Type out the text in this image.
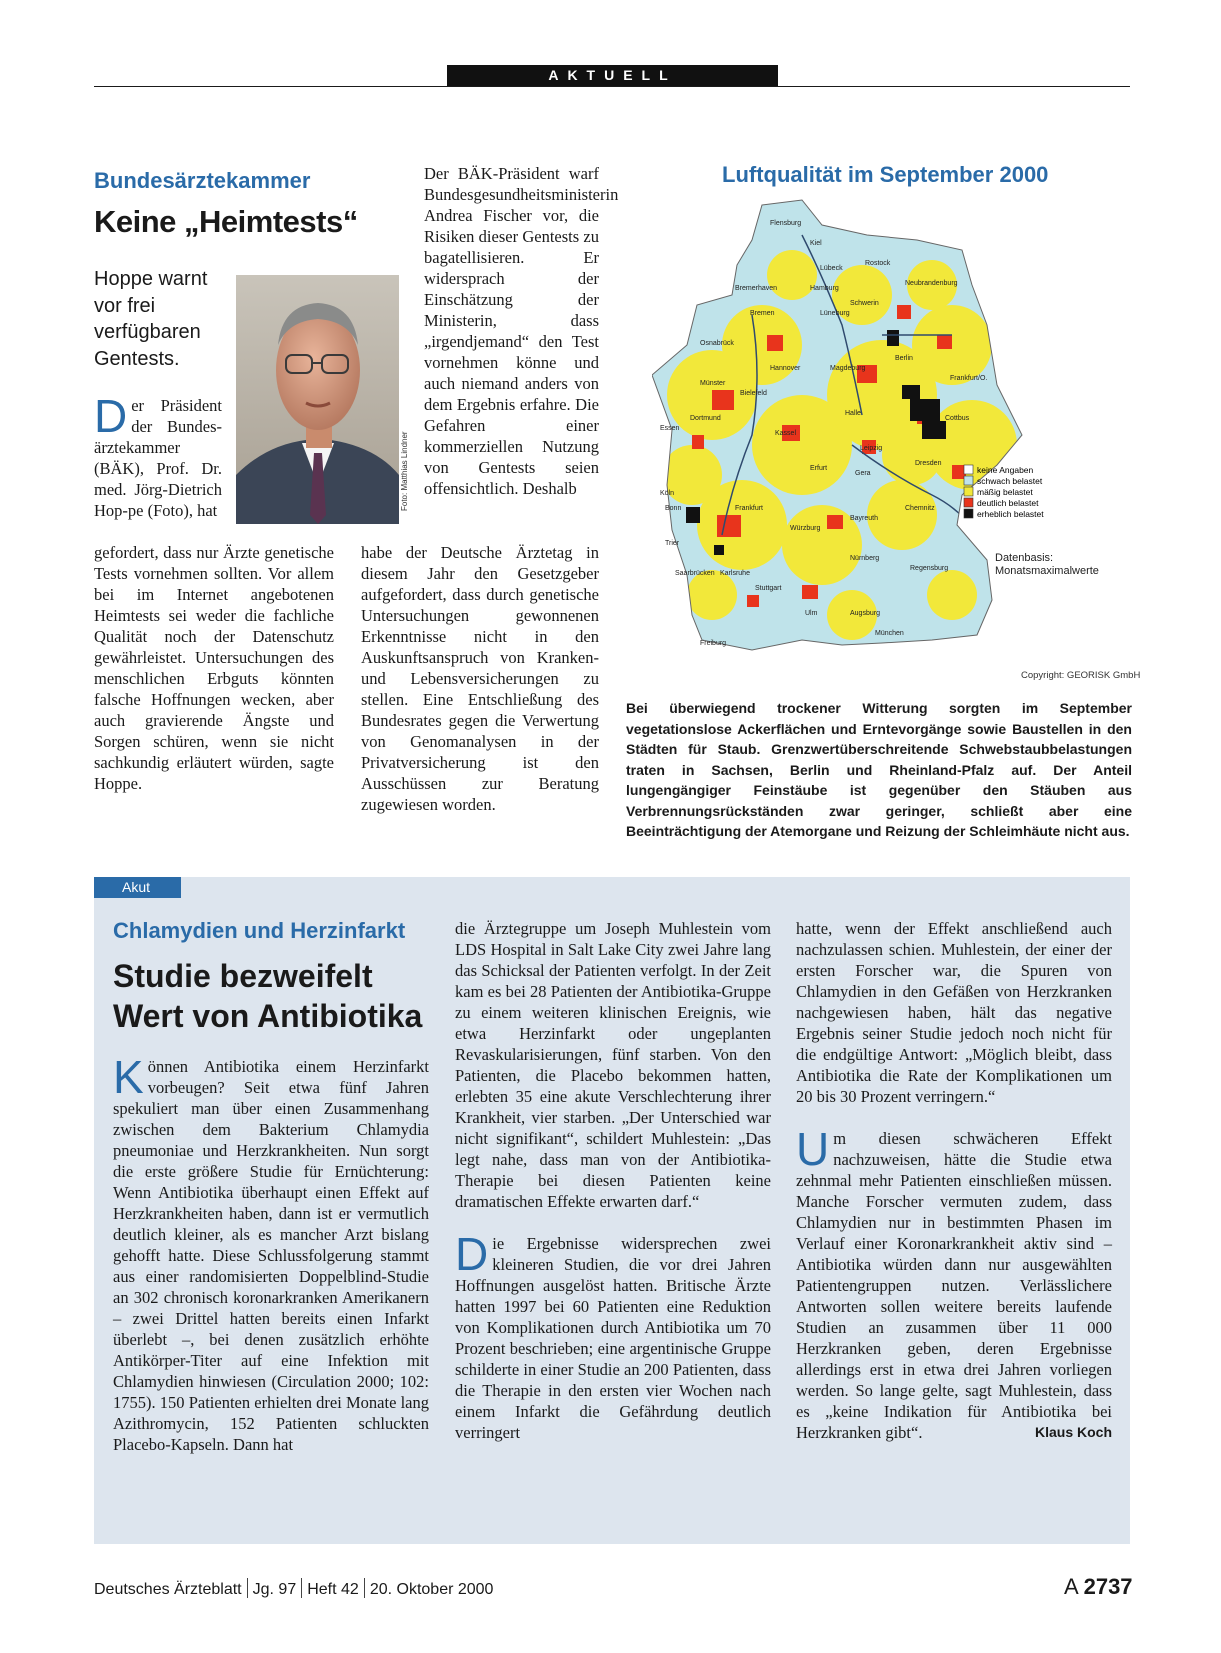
AKTUELL
Bundesärztekammer
Keine „Heimtests“
Hoppe warnt vor frei verfügbaren Gentests.
Foto: Matthias Lindner

Der Präsident der Bundes-ärztekammer (BÄK), Prof. Dr. med. Jörg-Dietrich Hop-pe (Foto), hat

gefordert, dass nur Ärzte genetische Tests vornehmen sollten. Vor allem bei im Internet angebotenen Heimtests sei weder die fachliche Qualität noch der Datenschutz gewährleistet. Untersuchungen des menschlichen Erbguts könnten falsche Hoffnungen wecken, aber auch gravierende Ängste und Sorgen schüren, wenn sie nicht sachkundig erläutert würden, sagte Hoppe.

Der BÄK-Präsident warf Bundesgesundheitsministerin Andrea Fischer vor, die Risiken dieser Gentests zu bagatellisieren. Er widersprach der Einschätzung der Ministerin, dass „irgendjemand“ den Test vornehmen könne und auch niemand anders von dem Ergebnis erfahre. Die Gefahren einer kommerziellen Nutzung von Gentests seien offensichtlich. Deshalb

habe der Deutsche Ärztetag in diesem Jahr den Gesetzgeber aufgefordert, dass durch genetische Untersuchungen gewonnenen Erkenntnisse nicht in den Auskunftsanspruch von Kranken- und Lebensversicherungen zu stellen. Eine Entschließung des Bundesrates gegen die Verwertung von Genomanalysen in der Privatversicherung ist den Ausschüssen zur Beratung zugewiesen worden.

Luftqualität im September 2000
keine Angaben
schwach belastet
mäßig belastet
deutlich belastet
erheblich belastet
Flensburg
Kiel
Rostock
Lübeck
Hamburg
Bremerhaven
Neubrandenburg
Bremen	Lüneburg
Schwerin
Osnabrück
Hannover	Magdeburg
Berlin
Frankfurt/O.
Münster
Bielefeld
Cottbus
Dortmund
Essen
Kassel
Halle
Leipzig
Dresden
Köln
Bonn
Erfurt
Gera
Chemnitz
Frankfurt
Würzburg
Bayreuth
Trier
Saarbrücken
Nürnberg
Regensburg
Stuttgart
Karlsruhe
Ulm	Augsburg
Freiburg
München
Datenbasis:
Monatsmaximalwerte
Copyright: GEORISK GmbH
Bei überwiegend trockener Witterung sorgten im September vegetationslose Ackerflächen und Erntevorgänge sowie Baustellen in den Städten für Staub. Grenzwertüberschreitende Schwebstaubbelastungen traten in Sachsen, Berlin und Rheinland-Pfalz auf. Der Anteil lungengängiger Feinstäube ist gegenüber den Stäuben aus Verbrennungsrückständen zwar geringer, schließt aber eine Beeinträchtigung der Atemorgane und Reizung der Schleimhäute nicht aus.
Akut
Chlamydien und Herzinfarkt
Studie bezweifelt
Wert von Antibiotika

Können Antibiotika einem Herzinfarkt vorbeugen? Seit etwa fünf Jahren spekuliert man über einen Zusammenhang zwischen dem Bakterium Chlamydia pneumoniae und Herzkrankheiten. Nun sorgt die erste größere Studie für Ernüchterung: Wenn Antibiotika überhaupt einen Effekt auf Herzkrankheiten haben, dann ist er vermutlich deutlich kleiner, als es mancher Arzt bislang gehofft hatte. Diese Schlussfolgerung stammt aus einer randomisierten Doppelblind-Studie an 302 chronisch koronarkranken Amerikanern – zwei Drittel hatten bereits einen Infarkt überlebt –, bei denen zusätzlich erhöhte Antikörper-Titer auf eine Infektion mit Chlamydien hinwiesen (Circulation 2000; 102: 1755). 150 Patienten erhielten drei Monate lang Azithromycin, 152 Patienten schluckten Placebo-Kapseln. Dann hat

die Ärztegruppe um Joseph Muhlestein vom LDS Hospital in Salt Lake City zwei Jahre lang das Schicksal der Patienten verfolgt. In der Zeit kam es bei 28 Patienten der Antibiotika-Gruppe zu einem weiteren klinischen Ereignis, wie etwa Herzinfarkt oder ungeplanten Revaskularisierungen, fünf starben. Von den Patienten, die Placebo bekommen hatten, erlebten 35 eine akute Verschlechterung ihrer Krankheit, vier starben. „Der Unterschied war nicht signifikant“, schildert Muhlestein: „Das legt nahe, dass man von der Antibiotika-Therapie bei diesen Patienten keine dramatischen Effekte erwarten darf.“

Die Ergebnisse widersprechen zwei kleineren Studien, die vor drei Jahren Hoffnungen ausgelöst hatten. Britische Ärzte hatten 1997 bei 60 Patienten eine Reduktion von Komplikationen durch Antibiotika um 70 Prozent beschrieben; eine argentinische Gruppe schilderte in einer Studie an 200 Patienten, dass die Therapie in den ersten vier Wochen nach einem Infarkt die Gefährdung deutlich verringert

hatte, wenn der Effekt anschließend auch nachzulassen schien. Muhlestein, der einer der ersten Forscher war, die Spuren von Chlamydien in den Gefäßen von Herzkranken nachgewiesen haben, hält das negative Ergebnis seiner Studie jedoch noch nicht für die endgültige Antwort: „Möglich bleibt, dass Antibiotika die Rate der Komplikationen um 20 bis 30 Prozent verringern.“

Um diesen schwächeren Effekt nachzuweisen, hätte die Studie etwa zehnmal mehr Patienten einschließen müssen. Manche Forscher vermuten zudem, dass Chlamydien nur in bestimmten Phasen im Verlauf einer Koronarkrankheit aktiv sind – Antibiotika würden dann nur ausgewählten Patientengruppen nutzen. Verlässlichere Antworten sollen weitere bereits laufende Studien an zusammen über 11 000 Herzkranken geben, deren Ergebnisse allerdings erst in etwa drei Jahren vorliegen werden. So lange gelte, sagt Muhlestein, dass es „keine Indikation für Antibiotika bei Herzkranken gibt“.	Klaus Koch

Deutsches Ärzteblatt Jg. 97 Heft 42 20. Oktober 2000	A 2737
